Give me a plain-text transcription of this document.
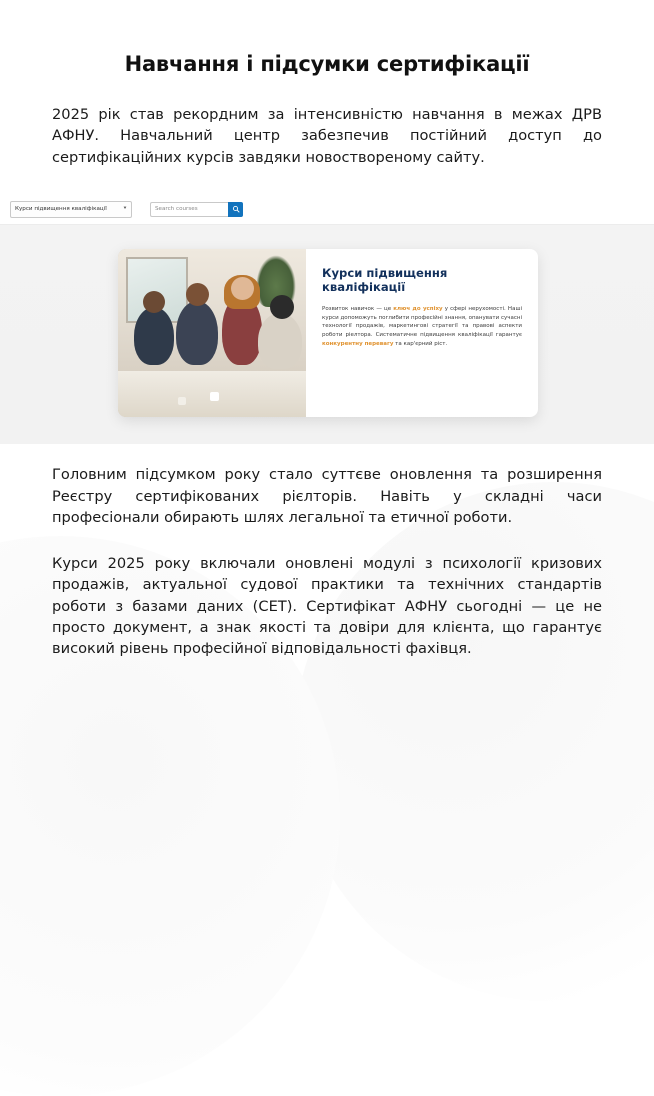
Навчання і підсумки сертифікації

2025 рік став рекордним за інтенсивністю навчання в межах ДРВ АФНУ. Навчальний центр забезпечив постійний доступ до сертифікаційних курсів завдяки новоствореному сайту.

Курси підвищення кваліфікації	⯆	Search courses
Курси підвищення кваліфікації
Розвиток навичок — це ключ до успіху у сфері нерухомості. Наші курси допоможуть поглибити професійні знання, опанувати сучасні технології продажів, маркетингові стратегії та правові аспекти роботи ріелтора. Систематичне підвищення кваліфікації гарантує конкурентну перевагу та кар'єрний ріст.

Головним підсумком року стало суттєве оновлення та розширення Реєстру сертифікованих рієлторів. Навіть у складні часи професіонали обирають шлях легальної та етичної роботи.

Курси 2025 року включали оновлені модулі з психології кризових продажів, актуальної судової практики та технічних стандартів роботи з базами даних (СЕТ). Сертифікат АФНУ сьогодні — це не просто документ, а знак якості та довіри для клієнта, що гарантує високий рівень професійної відповідальності фахівця.
